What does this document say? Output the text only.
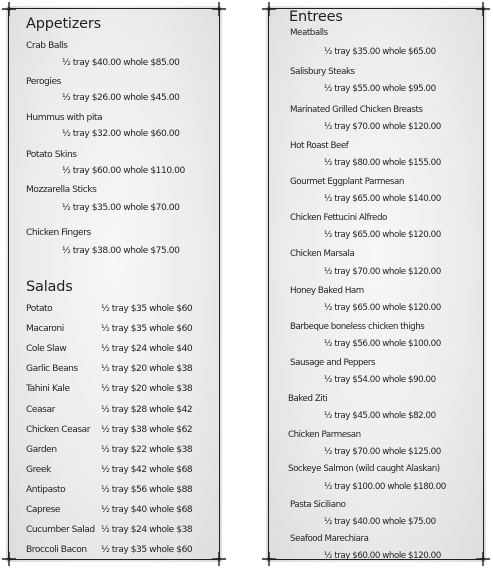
Appetizers
Crab Balls
½ tray $40.00 whole $85.00
Perogies
½ tray $26.00 whole $45.00
Hummus with pita
½ tray $32.00 whole $60.00
Potato Skins
½ tray $60.00 whole $110.00
Mozzarella Sticks
½ tray $35.00 whole $70.00
Chicken Fingers
½ tray $38.00 whole $75.00
Salads
Potato	½ tray $35 whole $60
Macaroni	½ tray $35 whole $60
Cole Slaw	½ tray $24 whole $40
Garlic Beans	½ tray $20 whole $38
Tahini Kale	½ tray $20 whole $38
Ceasar	½ tray $28 whole $42
Chicken Ceasar ½ tray $38 whole $62
Garden	½ tray $22 whole $38
Greek	½ tray $42 whole $68
Antipasto	½ tray $56 whole $88
Caprese	½ tray $40 whole $68
Cucumber Salad ½ tray $24 whole $38
Broccoli Bacon ½ tray $35 whole $60
Entrees
Meatballs
½ tray $35.00 whole $65.00
Salisbury Steaks
½ tray $55.00 whole $95.00
Marinated Grilled Chicken Breasts
½ tray $70.00 whole $120.00
Hot Roast Beef
½ tray $80.00 whole $155.00
Gourmet Eggplant Parmesan
½ tray $65.00 whole $140.00
Chicken Fettucini Alfredo
½ tray $65.00 whole $120.00
Chicken Marsala
½ tray $70.00 whole $120.00
Honey Baked Ham
½ tray $65.00 whole $120.00
Barbeque boneless chicken thighs
½ tray $56.00 whole $100.00
Sausage and Peppers
½ tray $54.00 whole $90.00
Baked Ziti
½ tray $45.00 whole $82.00
Chicken Parmesan
½ tray $70.00 whole $125.00
Sockeye Salmon (wild caught Alaskan)
½ tray $100.00 whole $180.00
Pasta Siciliano
½ tray $40.00 whole $75.00
Seafood Marechiara
½ tray $60.00 whole $120.00
